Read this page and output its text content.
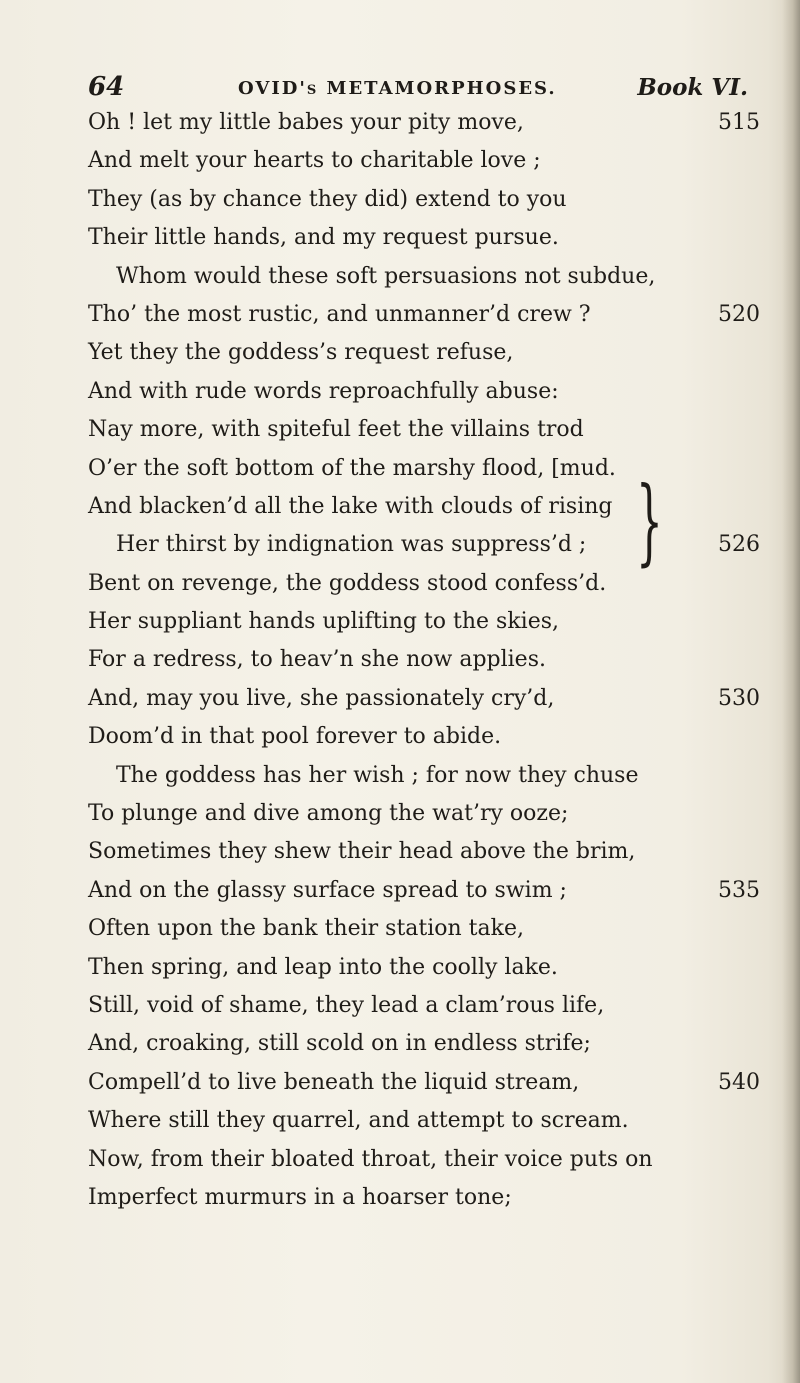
64	OVID's METAMORPHOSES.	Book VI.
Oh ! let my little babes your pity move,	515
And melt your hearts to charitable love ;
They (as by chance they did) extend to you
Their little hands, and my request pursue.
Whom would these soft persuasions not subdue,
Tho’ the most rustic, and unmanner’d crew ?	520
Yet they the goddess’s request refuse,
And with rude words reproachfully abuse:
Nay more, with spiteful feet the villains trod
O’er the soft bottom of the marshy flood, [mud.
And blacken’d all the lake with clouds of rising
Her thirst by indignation was suppress’d ;	526
Bent on revenge, the goddess stood confess’d.
Her suppliant hands uplifting to the skies,
For a redress, to heav’n she now applies.
And, may you live, she passionately cry’d,	530
Doom’d in that pool forever to abide.
The goddess has her wish ; for now they chuse
To plunge and dive among the wat’ry ooze;
Sometimes they shew their head above the brim,
And on the glassy surface spread to swim ;	535
Often upon the bank their station take,
Then spring, and leap into the coolly lake.
Still, void of shame, they lead a clam’rous life,
And, croaking, still scold on in endless strife;
Compell’d to live beneath the liquid stream,	540
Where still they quarrel, and attempt to scream.
Now, from their bloated throat, their voice puts on
Imperfect murmurs in a hoarser tone;
}
